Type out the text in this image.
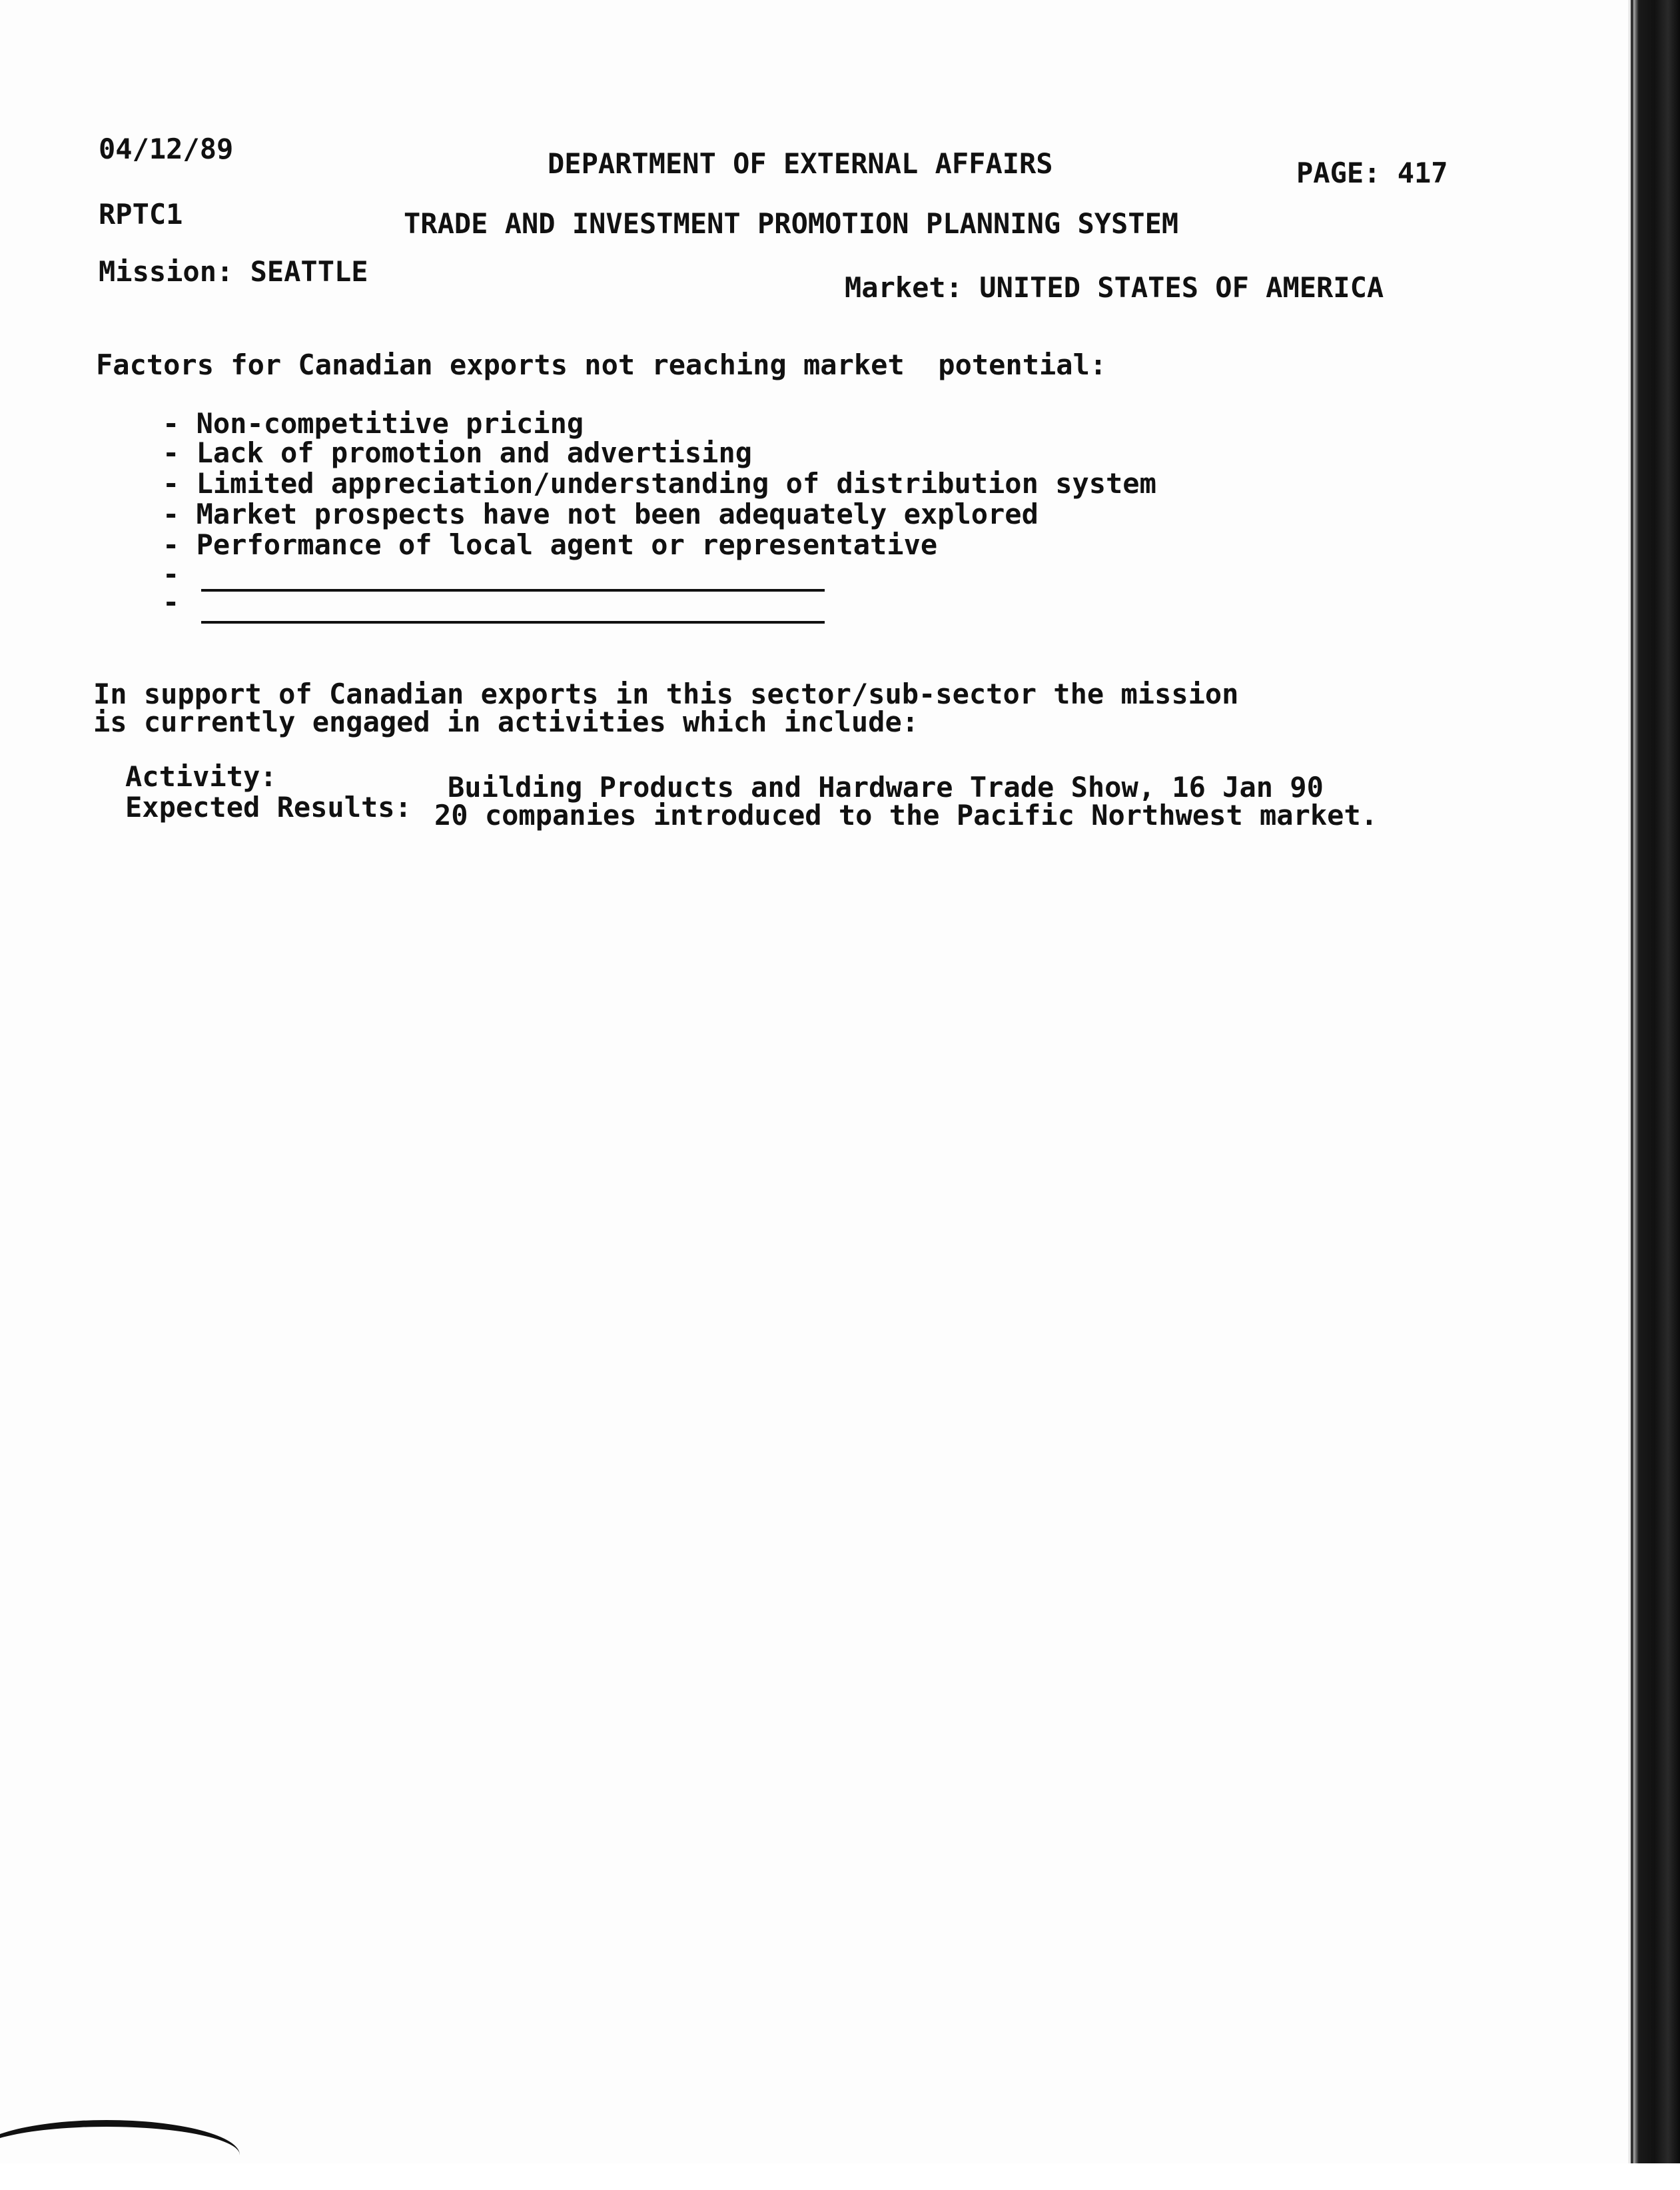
04/12/89	DEPARTMENT OF EXTERNAL AFFAIRS	PAGE: 417
RPTC1	TRADE AND INVESTMENT PROMOTION PLANNING SYSTEM
Mission: SEATTLE	Market: UNITED STATES OF AMERICA
Factors for Canadian exports not reaching market  potential:
- Non-competitive pricing
- Lack of promotion and advertising
- Limited appreciation/understanding of distribution system
- Market prospects have not been adequately explored
- Performance of local agent or representative
-
-
In support of Canadian exports in this sector/sub-sector the mission
is currently engaged in activities which include:
Activity:	Building Products and Hardware Trade Show, 16 Jan 90
Expected Results: 20 companies introduced to the Pacific Northwest market.
